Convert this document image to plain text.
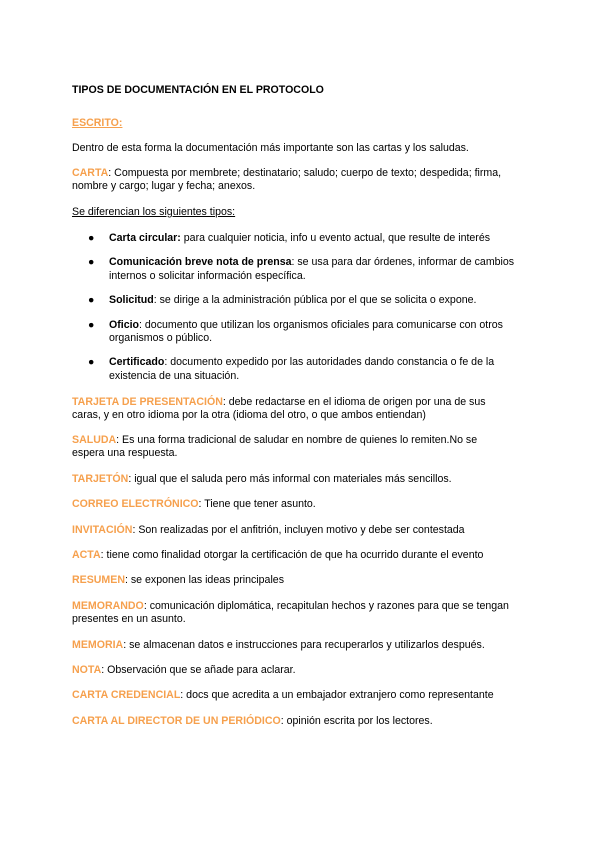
TIPOS DE DOCUMENTACIÓN EN EL PROTOCOLO

ESCRITO:

Dentro de esta forma la documentación más importante son las cartas y los saludas.

CARTA: Compuesta por membrete; destinatario; saludo; cuerpo de texto; despedida; firma, nombre y cargo; lugar y fecha; anexos.

Se diferencian los siguientes tipos:

● Carta circular: para cualquier noticia, info u evento actual, que resulte de interés
● Comunicación breve nota de prensa: se usa para dar órdenes, informar de cambios internos o solicitar información específica.
● Solicitud: se dirige a la administración pública por el que se solicita o expone.
● Oficio: documento que utilizan los organismos oficiales para comunicarse con otros organismos o público.
● Certificado: documento expedido por las autoridades dando constancia o fe de la existencia de una situación.

TARJETA DE PRESENTACIÓN: debe redactarse en el idioma de origen por una de sus caras, y en otro idioma por la otra (idioma del otro, o que ambos entiendan)

SALUDA: Es una forma tradicional de saludar en nombre de quienes lo remiten.No se espera una respuesta.

TARJETÓN: igual que el saluda pero más informal con materiales más sencillos.

CORREO ELECTRÓNICO: Tiene que tener asunto.

INVITACIÓN: Son realizadas por el anfitrión, incluyen motivo y debe ser contestada

ACTA: tiene como finalidad otorgar la certificación de que ha ocurrido durante el evento

RESUMEN: se exponen las ideas principales

MEMORANDO: comunicación diplomática, recapitulan hechos y razones para que se tengan presentes en un asunto.

MEMORIA: se almacenan datos e instrucciones para recuperarlos y utilizarlos después.

NOTA: Observación que se añade para aclarar.

CARTA CREDENCIAL: docs que acredita a un embajador extranjero como representante

CARTA AL DIRECTOR DE UN PERIÓDICO: opinión escrita por los lectores.
